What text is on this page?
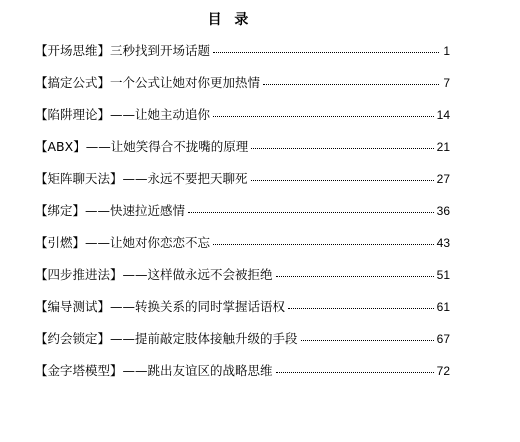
目 录
【开场思维】三秒找到开场话题	1
【搞定公式】一个公式让她对你更加热情	7
【陷阱理论】——让她主动追你	14
【ABX】——让她笑得合不拢嘴的原理	21
【矩阵聊天法】——永远不要把天聊死	27
【绑定】——快速拉近感情	36
【引燃】——让她对你恋恋不忘	43
【四步推进法】——这样做永远不会被拒绝	51
【编导测试】——转换关系的同时掌握话语权	61
【约会锁定】——提前敲定肢体接触升级的手段	67
【金字塔模型】——跳出友谊区的战略思维	72
